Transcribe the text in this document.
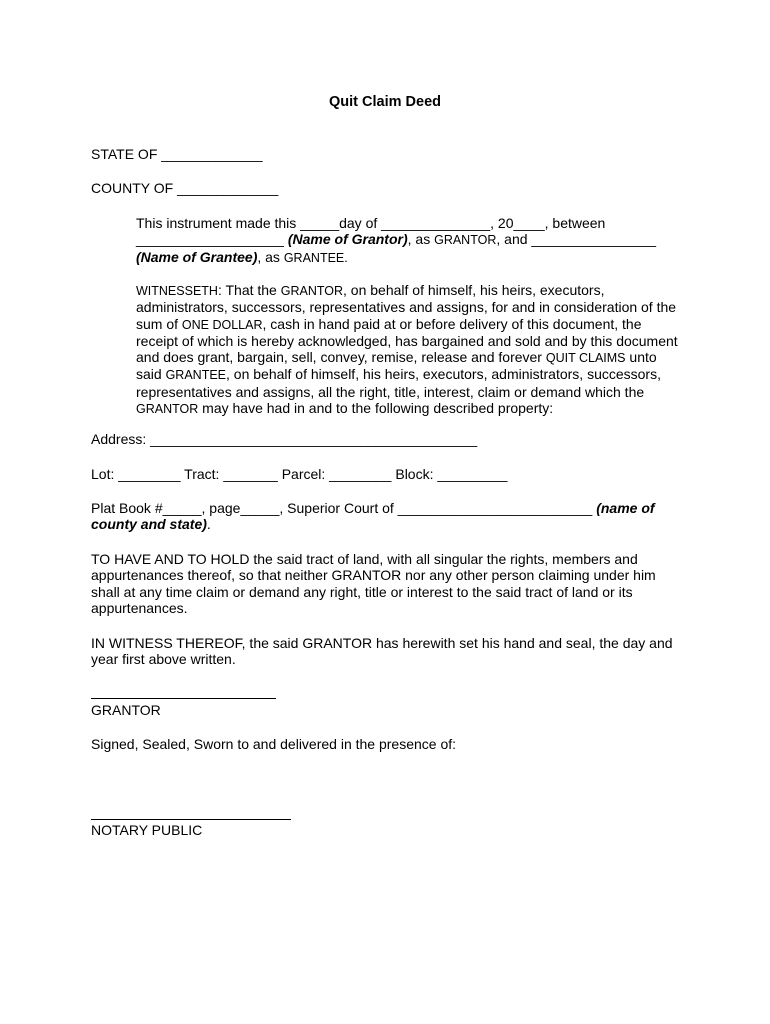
Quit Claim Deed
STATE OF _____________
COUNTY OF _____________
This instrument made this _____day of ______________, 20____, between ___________________ (Name of Grantor), as GRANTOR, and ________________ (Name of Grantee), as GRANTEE.
WITNESSETH: That the GRANTOR, on behalf of himself, his heirs, executors, administrators, successors, representatives and assigns, for and in consideration of the sum of ONE DOLLAR, cash in hand paid at or before delivery of this document, the receipt of which is hereby acknowledged, has bargained and sold and by this document and does grant, bargain, sell, convey, remise, release and forever QUIT CLAIMS unto said GRANTEE, on behalf of himself, his heirs, executors, administrators, successors, representatives and assigns, all the right, title, interest, claim or demand which the GRANTOR may have had in and to the following described property:
Address: __________________________________________
Lot: ________ Tract: _______ Parcel: ________ Block: _________
Plat Book #_____, page_____, Superior Court of _________________________ (name of county and state).
TO HAVE AND TO HOLD the said tract of land, with all singular the rights, members and appurtenances thereof, so that neither GRANTOR nor any other person claiming under him shall at any time claim or demand any right, title or interest to the said tract of land or its appurtenances.
IN WITNESS THEREOF, the said GRANTOR has herewith set his hand and seal, the day and year first above written.
GRANTOR
Signed, Sealed, Sworn to and delivered in the presence of:
NOTARY PUBLIC
